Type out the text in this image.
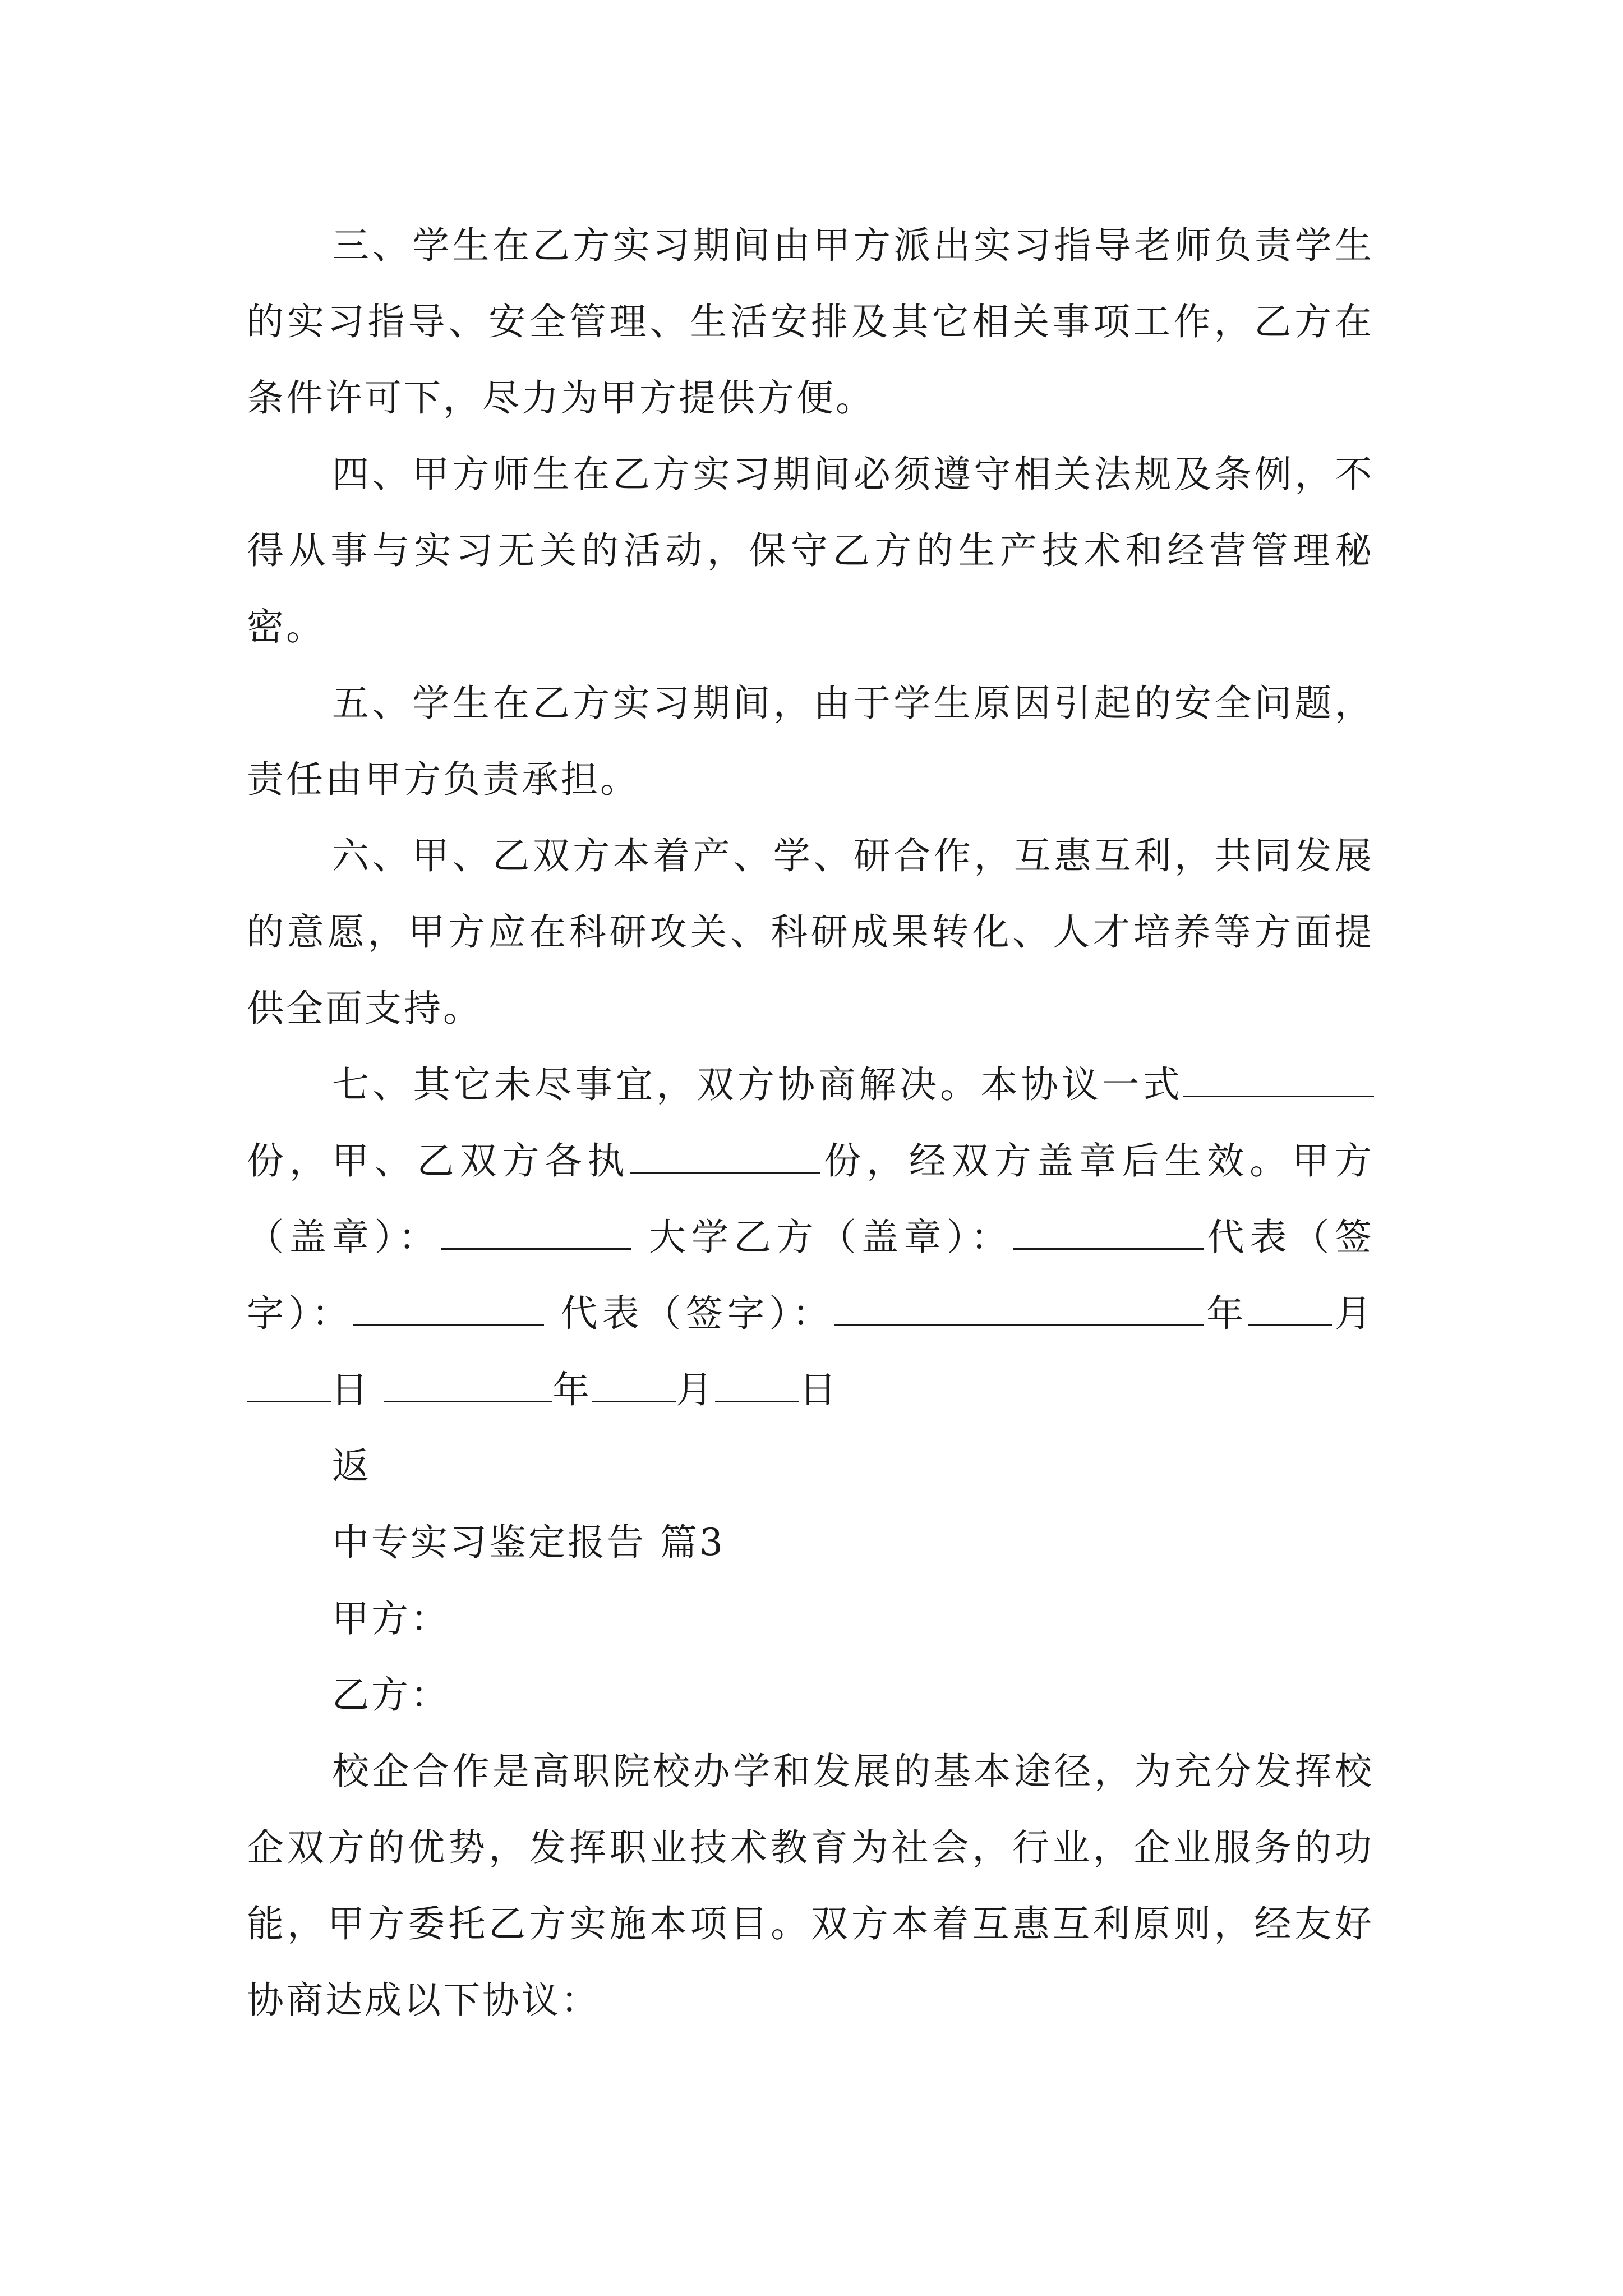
三、学生在乙方实习期间由甲方派出实习指导老师负责学生的实习指导、安全管理、生活安排及其它相关事项工作，乙方在条件许可下，尽力为甲方提供方便。

四、甲方师生在乙方实习期间必须遵守相关法规及条例，不得从事与实习无关的活动，保守乙方的生产技术和经营管理秘密。

五、学生在乙方实习期间，由于学生原因引起的安全问题，责任由甲方负责承担。

六、甲、乙双方本着产、学、研合作，互惠互利，共同发展的意愿，甲方应在科研攻关、科研成果转化、人才培养等方面提供全面支持。

七、其它未尽事宜，双方协商解决。本协议一式份，甲、乙双方各执	份，经双方盖章后生效。甲方（盖章）：	大学乙方（盖章）：	代表（签字）：	代表（签字）：	年 月日	年 月 日

返

中专实习鉴定报告 篇3

甲方：

乙方：

校企合作是高职院校办学和发展的基本途径，为充分发挥校企双方的优势，发挥职业技术教育为社会，行业，企业服务的功能，甲方委托乙方实施本项目。双方本着互惠互利原则，经友好协商达成以下协议：
